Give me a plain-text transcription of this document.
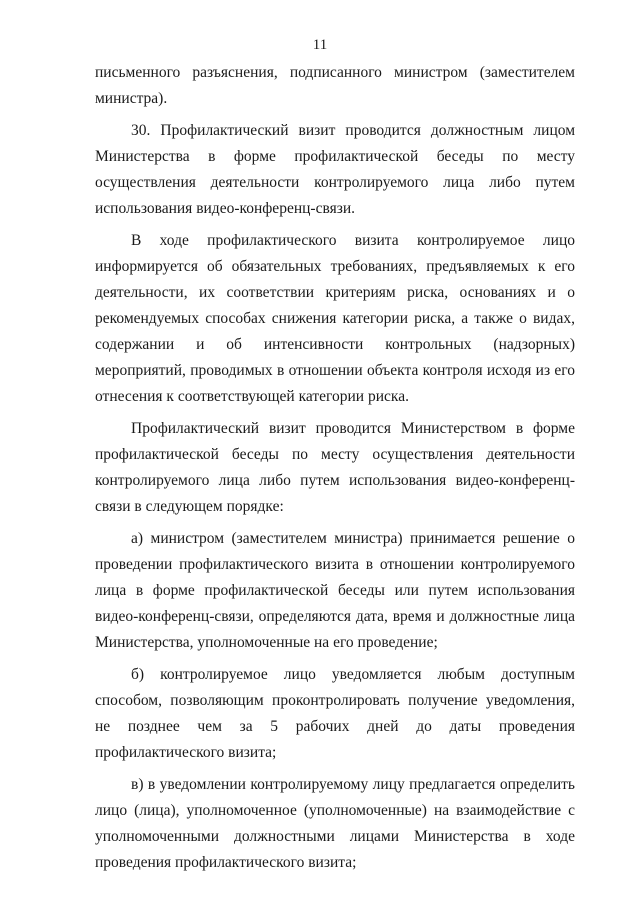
11

письменного разъяснения, подписанного министром (заместителем министра).

30. Профилактический визит проводится должностным лицом Министерства в форме профилактической беседы по месту осуществления деятельности контролируемого лица либо путем использования видео-конференц-связи.

В ходе профилактического визита контролируемое лицо информируется об обязательных требованиях, предъявляемых к его деятельности, их соответствии критериям риска, основаниях и о рекомендуемых способах снижения категории риска, а также о видах, содержании и об интенсивности контрольных (надзорных) мероприятий, проводимых в отношении объекта контроля исходя из его отнесения к соответствующей категории риска.

Профилактический визит проводится Министерством в форме профилактической беседы по месту осуществления деятельности контролируемого лица либо путем использования видео-конференц-связи в следующем порядке:

а) министром (заместителем министра) принимается решение о проведении профилактического визита в отношении контролируемого лица в форме профилактической беседы или путем использования видео-конференц-связи, определяются дата, время и должностные лица Министерства, уполномоченные на его проведение;

б) контролируемое лицо уведомляется любым доступным способом, позволяющим проконтролировать получение уведомления, не позднее чем за 5 рабочих дней до даты проведения профилактического визита;

в) в уведомлении контролируемому лицу предлагается определить лицо (лица), уполномоченное (уполномоченные) на взаимодействие с уполномоченными должностными лицами Министерства в ходе проведения профилактического визита;
